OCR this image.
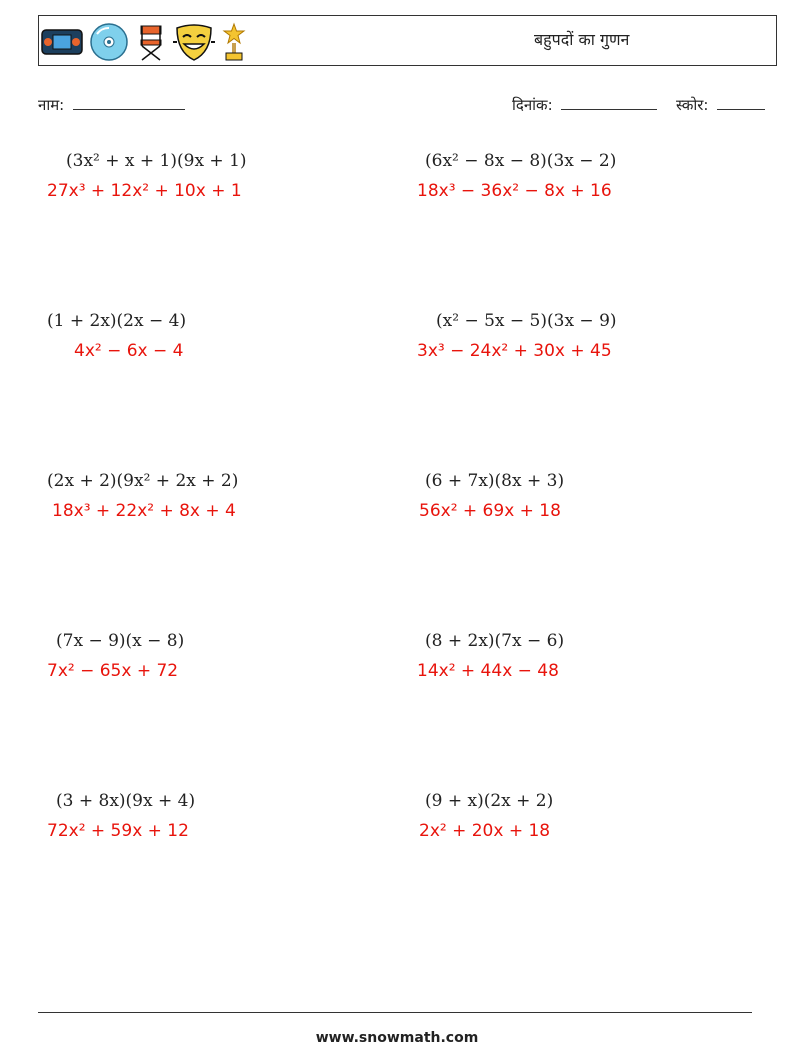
बहुपदों का गुणन
नाम:	दिनांक:	स्कोर:
(3x² + x + 1)(9x + 1)
27x³ + 12x² + 10x + 1
(6x² − 8x − 8)(3x − 2)
18x³ − 36x² − 8x + 16
(1 + 2x)(2x − 4)
4x² − 6x − 4
(x² − 5x − 5)(3x − 9)
3x³ − 24x² + 30x + 45
(2x + 2)(9x² + 2x + 2)
18x³ + 22x² + 8x + 4
(6 + 7x)(8x + 3)
56x² + 69x + 18
(7x − 9)(x − 8)
7x² − 65x + 72
(8 + 2x)(7x − 6)
14x² + 44x − 48
(3 + 8x)(9x + 4)
72x² + 59x + 12
(9 + x)(2x + 2)
2x² + 20x + 18
www.snowmath.com
